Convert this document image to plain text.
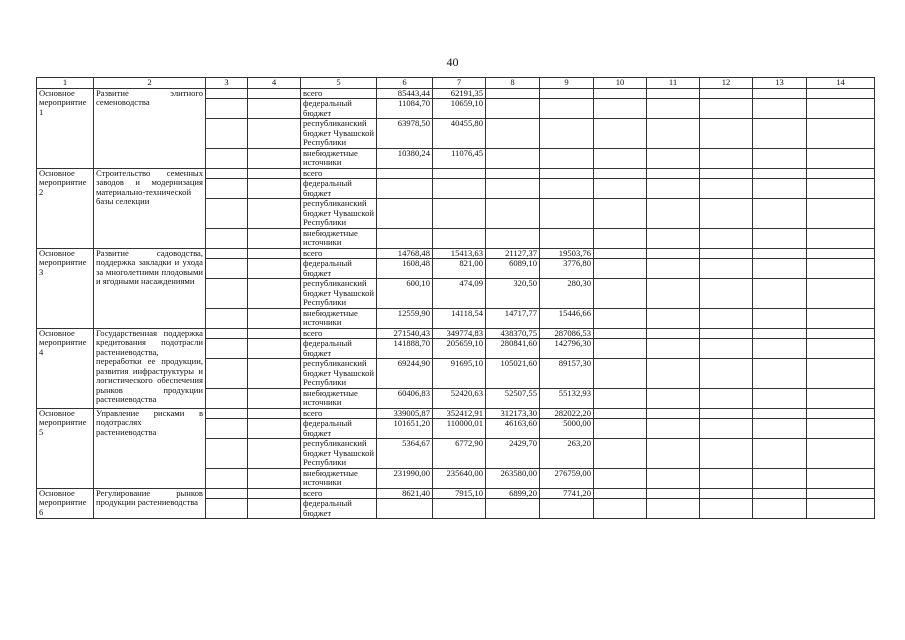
40
1	2	3	4	5	6	7	8	9	10	11	12	13	14
Основное мероприятие 1	Развитие элитного семеноводства			всего	85443,44	62191,35							
				федеральный бюджет	11084,70	10659,10							
				республиканский бюджет Чувашской Республики	63978,50	40455,80							
				внебюджетные источники	10380,24	11076,45							
Основное мероприятие 2	Строительство семенных заводов и модернизация материально-технической базы селекции			всего									
				федеральный бюджет									
				республиканский бюджет Чувашской Республики									
				внебюджетные источники									
Основное мероприятие 3	Развитие садоводства, поддержка закладки и ухода за многолетними плодовыми и ягодными насаждениями			всего	14768,48	15413,63	21127,37	19503,76					
				федеральный бюджет	1608,48	821,00	6089,10	3776,80					
				республиканский бюджет Чувашской Республики	600,10	474,09	320,50	280,30					
				внебюджетные источники	12559,90	14118,54	14717,77	15446,66					
Основное мероприятие 4	Государственная поддержка кредитования подотрасли растениеводства, переработки ее продукции, развития инфраструктуры и логистического обеспечения рынков продукции растениеводства			всего	271540,43	349774,83	438370,75	287086,53					
				федеральный бюджет	141888,70	205659,10	280841,60	142796,30					
				республиканский бюджет Чувашской Республики	69244,90	91695,10	105021,60	89157,30					
				внебюджетные источники	60406,83	52420,63	52507,55	55132,93					
Основное мероприятие 5	Управление рисками в подотраслях растениеводства			всего	339005,87	352412,91	312173,30	282022,20					
				федеральный бюджет	101651,20	110000,01	46163,60	5000,00					
				республиканский бюджет Чувашской Республики	5364,67	6772,90	2429,70	263,20					
				внебюджетные источники	231990,00	235640,00	263580,00	276759,00					
Основное мероприятие 6	Регулирование рынков продукции растениеводства			всего	8621,40	7915,10	6899,20	7741,20					
				федеральный бюджет									
